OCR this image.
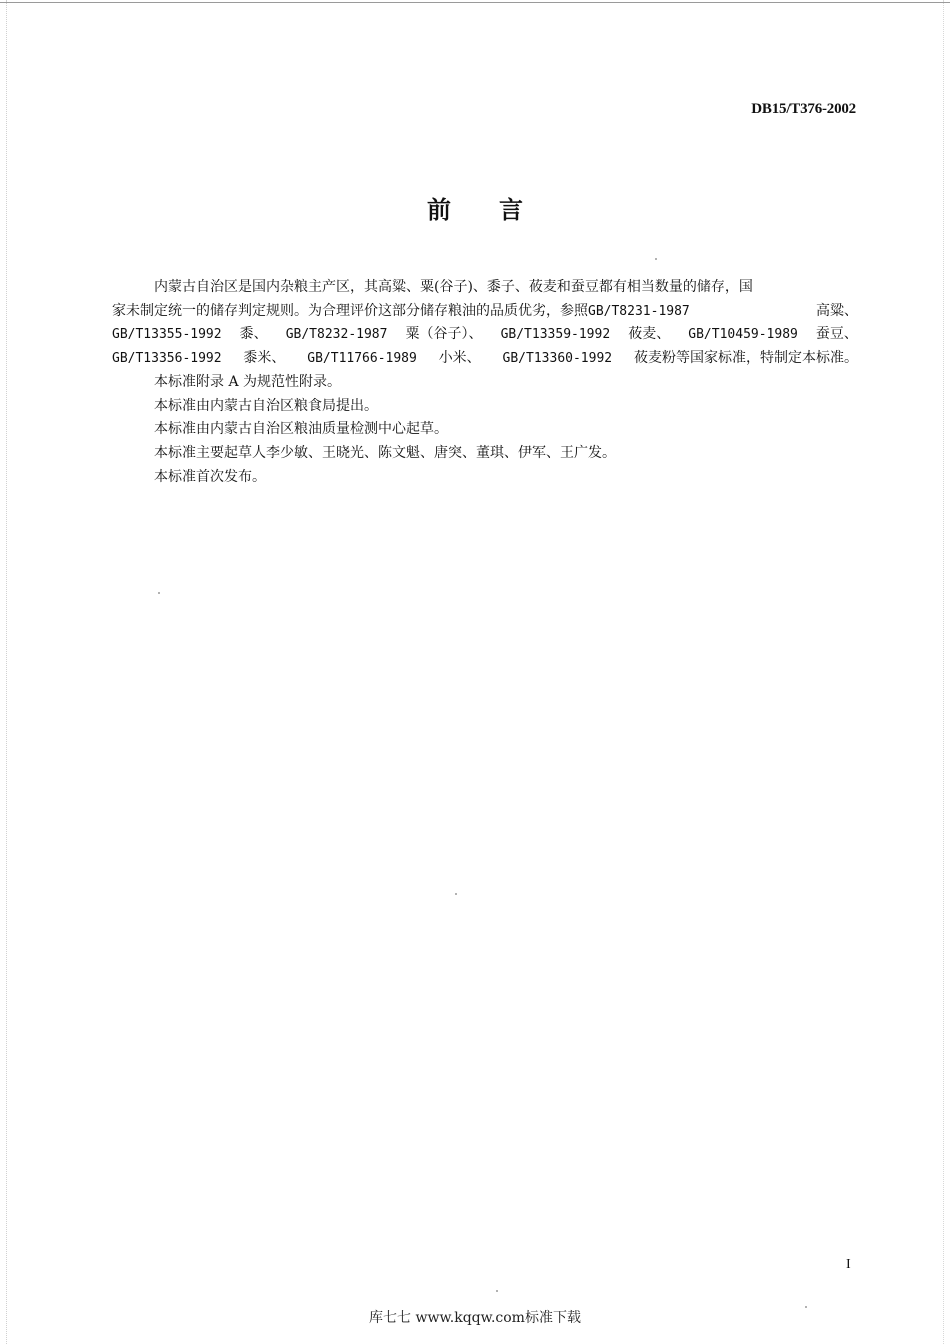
DB15/T376-2002
前 言

内蒙古自治区是国内杂粮主产区，其高粱、粟(谷子)、黍子、莜麦和蚕豆都有相当数量的储存，国
家未制定统一的储存判定规则。为合理评价这部分储存粮油的品质优劣，参照GB/T8231-1987	高粱、
GB/T13355-1992 黍、 GB/T8232-1987 粟（谷子）、 GB/T13359-1992 莜麦、 GB/T10459-1989 蚕豆、
GB/T13356-1992 黍米、 GB/T11766-1989 小米、 GB/T13360-1992 莜麦粉等国家标准，特制定本标准。

本标准附录 A 为规范性附录。

本标准由内蒙古自治区粮食局提出。

本标准由内蒙古自治区粮油质量检测中心起草。

本标准主要起草人李少敏、王晓光、陈文魁、唐突、董琪、伊军、王广发。

本标准首次发布。

I
库七七 www.kqqw.com标准下载
